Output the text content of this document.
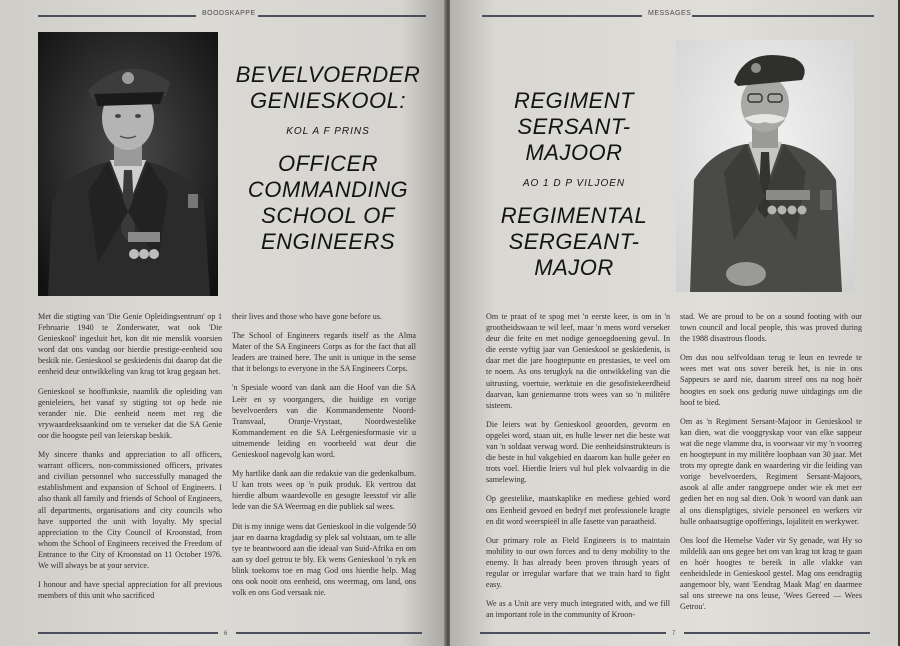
BOODSKAPPE
BEVELVOERDER GENIESKOOL:
KOL A F PRINS
OFFICER COMMANDING SCHOOL OF ENGINEERS

Met die stigting van 'Die Genie Opleidingsentrum' op 1 Februarie 1940 te Zonderwater, wat ook 'Die Genieskool' ingesluit het, kon dit nie menslik voorsien word dat ons vandag oor hierdie prestige-eenheid sou beskik nie. Genieskool se geskiedenis dui daarop dat die eenheid deur ontwikkeling van krag tot krag gegaan het.

Genieskool se hooffunksie, naamlik die opleiding van genieleiers, het vanaf sy stigting tot op hede nie verander nie. Die eenheid neem met reg die vrywaardeeksaankind om te verseker dat die SA Genie oor die hoogste peil van leierskap beskik.

My sincere thanks and appreciation to all officers, warrant officers, non-commissioned officers, privates and civilian personnel who successfully managed the establishment and expansion of School of Engineers. I also thank all family and friends of School of Engineers, all departments, organisations and city councils who have supported the unit with loyalty. My special appreciation to the City Council of Kroonstad, from whom the School of Engineers received the Freedom of Entrance to the City of Kroonstad on 11 October 1976. We will always be at your service.

I honour and have special appreciation for all previous members of this unit who sacrificed

their lives and those who have gone before us.

The School of Engineers regards itself as the Alma Mater of the SA Engineers Corps as for the fact that all leaders are trained here. The unit is unique in the sense that it belongs to everyone in the SA Engineers Corps.

'n Spesiale woord van dank aan die Hoof van die SA Leër en sy voorgangers, die huidige en vorige bevelvoerders van die Kommandemente Noord-Transvaal, Oranje-Vrystaat, Noordwestelike Kommandement en die SA Leërgeniesformasie vir u uitnemende leiding en voorbeeld wat deur die Genieskool nagevolg kan word.

My hartlike dank aan die redaksie van die gedenkalbum. U kan trots wees op 'n puik produk. Ek vertrou dat hierdie album waardevolle en gesogte leesstof vir alle lede van die SA Weermag en die publiek sal wees.

Dit is my innige wens dat Genieskool in die volgende 50 jaar en daarna kragdadig sy plek sal volstaan, om te alle tye te beantwoord aan die ideaal van Suid-Afrika en om aan sy doel getrou te bly. Ek wens Genieskool 'n ryk en blink toekoms toe en mag God ons hierdie help. Mag ons ook nooit ons eenheid, ons weermag, ons land, ons volk en ons God versaak nie.

6
MESSAGES
REGIMENT SERSANT-MAJOOR
AO 1 D P VILJOEN
REGIMENTAL SERGEANT-MAJOR

Om te praat of te spog met 'n eerste keer, is om in 'n grootheidswaan te wil leef, maar 'n mens word verseker deur die feite en met nodige genoegdoening gevul. In die eerste vyftig jaar van Genieskool se geskiedenis, is daar met die jare hoogtepunte en prestasies, te veel om te noem. As ons terugkyk na die ontwikkeling van die uitrusting, voertuie, werktuie en die gesofistekeerdheid daarvan, kan geniemanne trots wees van so 'n militêre sisteem.

Die leiers wat by Genieskool geoorden, gevorm en opgelei word, staan uit, en hulle lewer net die beste wat van 'n soldaat verwag word. Die eenheidsinstrukteurs is die beste in hul vakgebied en daarom kan hulle geëer en trots voel. Hierdie leiers vul hul plek volvaardig in die samelewing.

Op geestelike, maatskaplike en mediese gebied word ons Eenheid gevoed en bedryf met professionele kragte en dit word weerspieël in alle fasette van paraatheid.

Our primary role as Field Engineers is to maintain mobility to our own forces and to deny mobility to the enemy. It has already been proven through years of regular or irregular warfare that we train hard to fight easy.

We as a Unit are very much integrated with, and we fill an important role in the community of Kroon-

stad. We are proud to be on a sound footing with our town council and local people, this was proved during the 1988 disastrous floods.

Om dus nou selfvoldaan terug te leun en tevrede te wees met wat ons sover bereik het, is nie in ons Sappeurs se aard nie, daarom streef ons na nog hoër hoogtes en soek ons gedurig nuwe uitdagings om die hoof te bied.

Om as 'n Regiment Sersant-Majoor in Genieskool te kan dien, wat die vooggryskap voor van elke sappeur wat die nege vlamme dra, is voorwaar vir my 'n voorreg en hoogtepunt in my militêre loopbaan van 30 jaar. Met trots my opregte dank en waardering vir die leiding van vorige bevelvoerders, Regiment Sersant-Majoors, asook al alle ander ranggroepe onder wie ek met eer gedien het en nog sal dien. Ook 'n woord van dank aan al ons diensplgtiges, siviele personeel en werkers vir hulle onbaatsugtige opofferings, lojaliteit en werkywer.

Ons loof die Hemelse Vader vir Sy genade, wat Hy so mildelik aan ons gegee het om van krag tot krag te gaan en hoër hoogtes te bereik in alle vlakke van eenheidslede in Genieskool gestel. Mag ons eendragtig aangemoor bly, want 'Eendrag Maak Mag' en daarmee sal ons streewe na ons leuse, 'Wees Gereed — Wees Getrou'.

7
